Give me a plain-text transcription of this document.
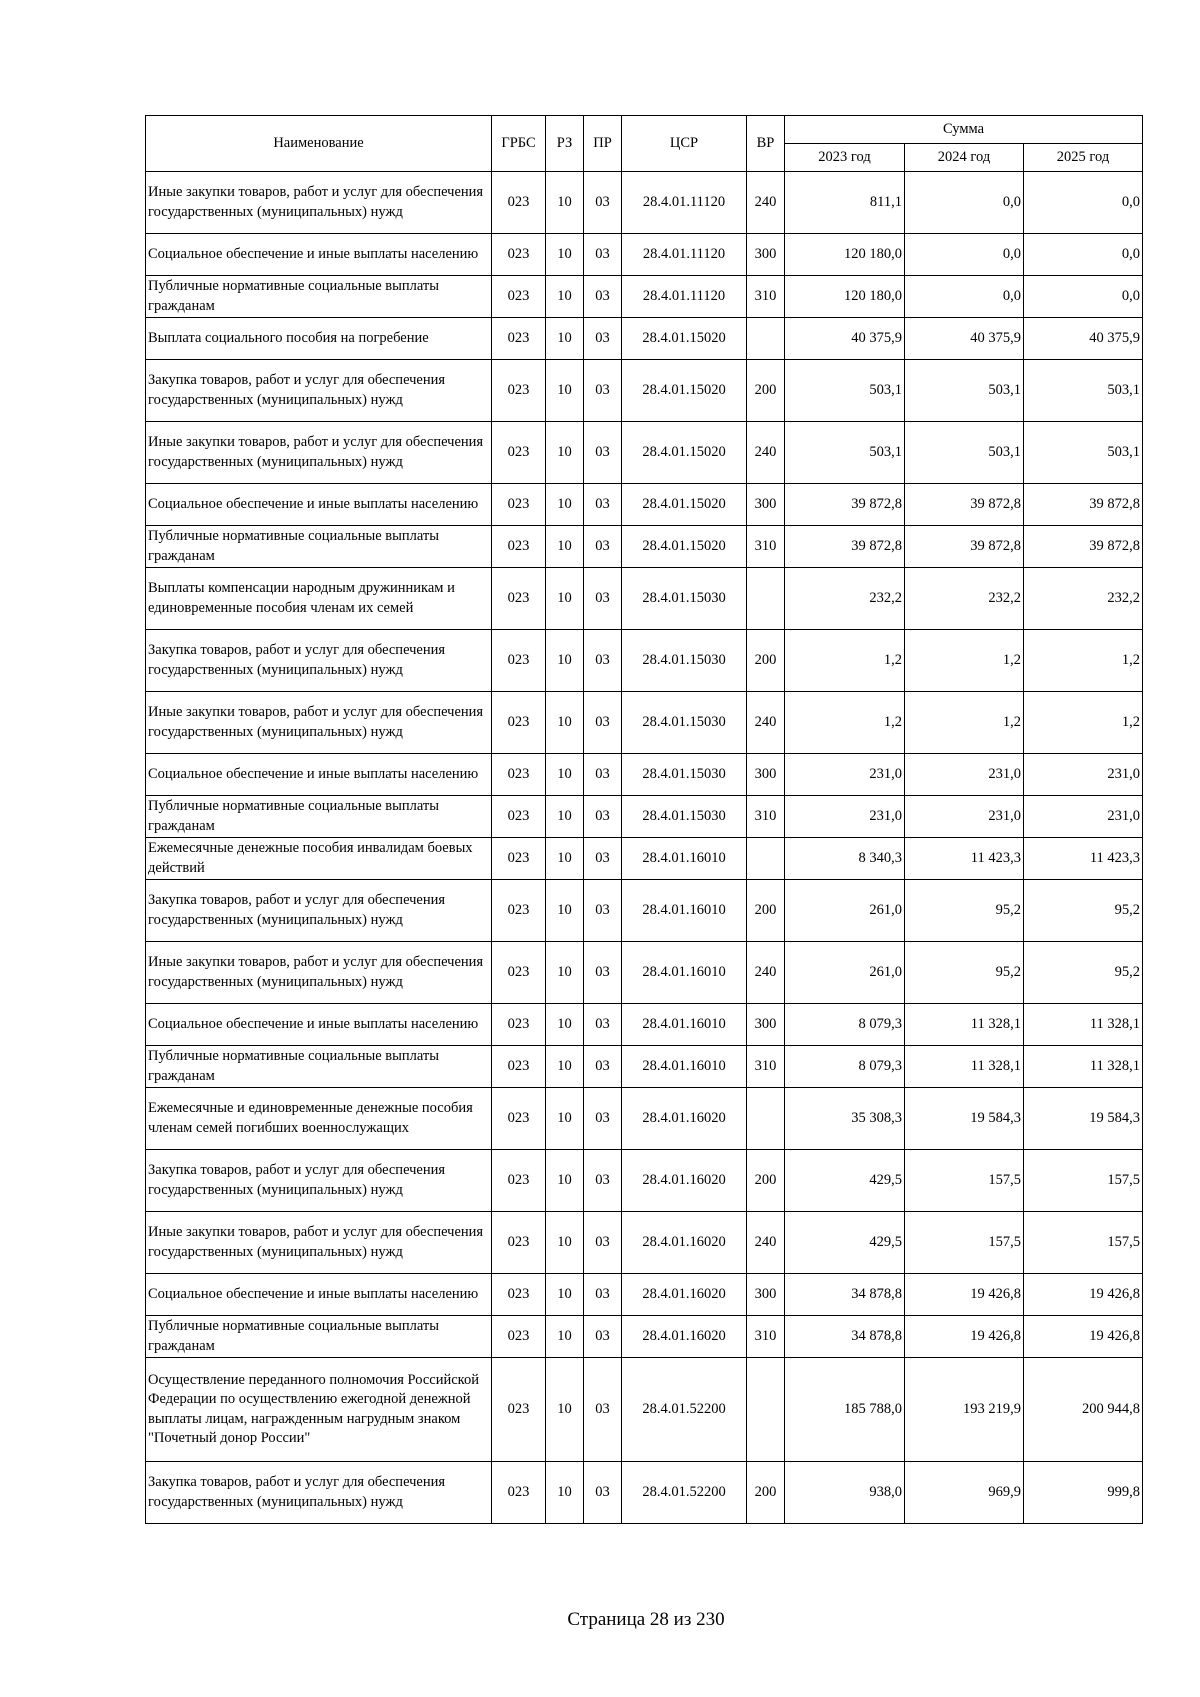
Наименование	ГРБС	РЗ	ПР	ЦСР	ВР	Сумма		
						2023 год	2024 год	2025 год
Иные закупки товаров, работ и услуг для обеспечения государственных (муниципальных) нужд	023	10	03	28.4.01.11120	240	811,1	0,0	0,0
Социальное обеспечение и иные выплаты населению	023	10	03	28.4.01.11120	300	120 180,0	0,0	0,0
Публичные нормативные социальные выплаты гражданам	023	10	03	28.4.01.11120	310	120 180,0	0,0	0,0
Выплата социального пособия на погребение	023	10	03	28.4.01.15020		40 375,9	40 375,9	40 375,9
Закупка товаров, работ и услуг для обеспечения государственных (муниципальных) нужд	023	10	03	28.4.01.15020	200	503,1	503,1	503,1
Иные закупки товаров, работ и услуг для обеспечения государственных (муниципальных) нужд	023	10	03	28.4.01.15020	240	503,1	503,1	503,1
Социальное обеспечение и иные выплаты населению	023	10	03	28.4.01.15020	300	39 872,8	39 872,8	39 872,8
Публичные нормативные социальные выплаты гражданам	023	10	03	28.4.01.15020	310	39 872,8	39 872,8	39 872,8
Выплаты компенсации народным дружинникам и единовременные пособия членам их семей	023	10	03	28.4.01.15030		232,2	232,2	232,2
Закупка товаров, работ и услуг для обеспечения государственных (муниципальных) нужд	023	10	03	28.4.01.15030	200	1,2	1,2	1,2
Иные закупки товаров, работ и услуг для обеспечения государственных (муниципальных) нужд	023	10	03	28.4.01.15030	240	1,2	1,2	1,2
Социальное обеспечение и иные выплаты населению	023	10	03	28.4.01.15030	300	231,0	231,0	231,0
Публичные нормативные социальные выплаты гражданам	023	10	03	28.4.01.15030	310	231,0	231,0	231,0
Ежемесячные денежные пособия инвалидам боевых действий	023	10	03	28.4.01.16010		8 340,3	11 423,3	11 423,3
Закупка товаров, работ и услуг для обеспечения государственных (муниципальных) нужд	023	10	03	28.4.01.16010	200	261,0	95,2	95,2
Иные закупки товаров, работ и услуг для обеспечения государственных (муниципальных) нужд	023	10	03	28.4.01.16010	240	261,0	95,2	95,2
Социальное обеспечение и иные выплаты населению	023	10	03	28.4.01.16010	300	8 079,3	11 328,1	11 328,1
Публичные нормативные социальные выплаты гражданам	023	10	03	28.4.01.16010	310	8 079,3	11 328,1	11 328,1
Ежемесячные и единовременные денежные пособия членам семей погибших военнослужащих	023	10	03	28.4.01.16020		35 308,3	19 584,3	19 584,3
Закупка товаров, работ и услуг для обеспечения государственных (муниципальных) нужд	023	10	03	28.4.01.16020	200	429,5	157,5	157,5
Иные закупки товаров, работ и услуг для обеспечения государственных (муниципальных) нужд	023	10	03	28.4.01.16020	240	429,5	157,5	157,5
Социальное обеспечение и иные выплаты населению	023	10	03	28.4.01.16020	300	34 878,8	19 426,8	19 426,8
Публичные нормативные социальные выплаты гражданам	023	10	03	28.4.01.16020	310	34 878,8	19 426,8	19 426,8
Осуществление переданного полномочия Российской Федерации по осуществлению ежегодной денежной выплаты лицам, награжденным нагрудным знаком "Почетный донор России"	023	10	03	28.4.01.52200		185 788,0	193 219,9	200 944,8
Закупка товаров, работ и услуг для обеспечения государственных (муниципальных) нужд	023	10	03	28.4.01.52200	200	938,0	969,9	999,8
Страница 28 из 230
